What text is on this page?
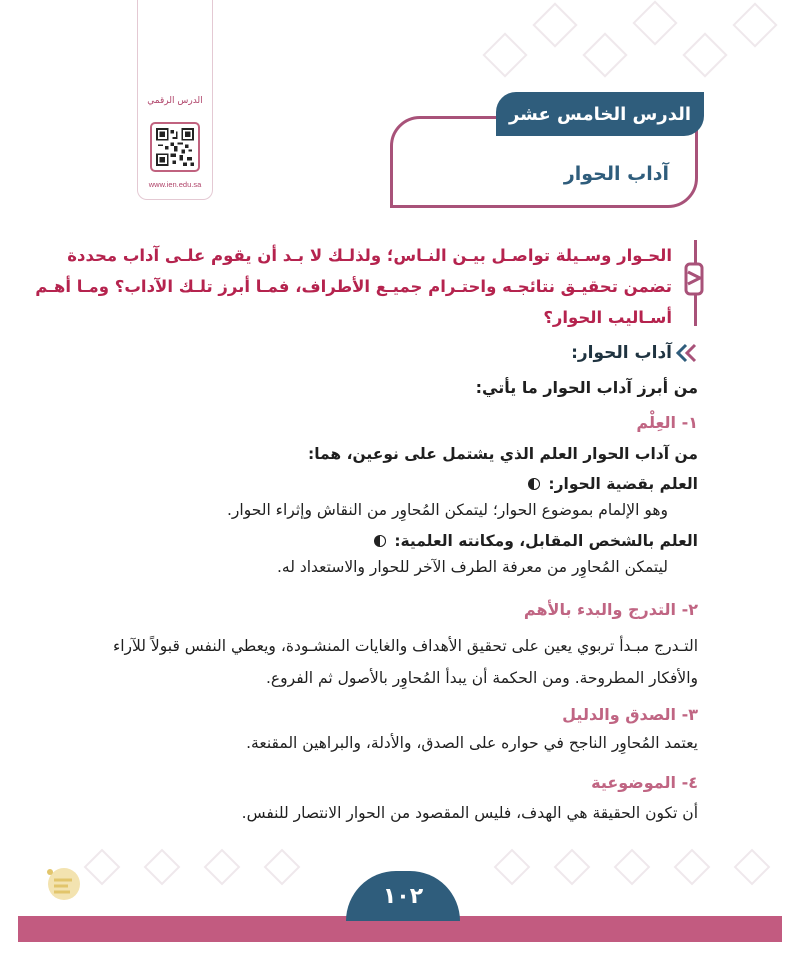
الدرس الرقمي
www.ien.edu.sa	آداب الحوار
الدرس الخامس عشر
الحـوار وسـيلة تواصـل بيـن النـاس؛ ولذلـك لا بـد أن يقوم علـى آداب محددة تضمن تحقيـق نتائجـه واحتـرام جميـع الأطراف، فمـا أبرز تلـك الآداب؟ ومـا أهـم أسـاليب الحوار؟
آداب الحوار:
من أبرز آداب الحوار ما يأتي:
١- العِلْم
من آداب الحوار العلم الذي يشتمل على نوعين، هما:
العلم بقضية الحوار:
وهو الإلمام بموضوع الحوار؛ ليتمكن المُحاوِر من النقاش وإثراء الحوار.
العلم بالشخص المقابل، ومكانته العلمية:
ليتمكن المُحاوِر من معرفة الطرف الآخر للحوار والاستعداد له.
٢- التدرج والبدء بالأهم
التـدرج مبـدأ تربوي يعين على تحقيق الأهداف والغايات المنشـودة، ويعطي النفس قبولاً للآراء والأفكار المطروحة. ومن الحكمة أن يبدأ المُحاوِر بالأصول ثم الفروع.
٣- الصدق والدليل
يعتمد المُحاوِر الناجح في حواره على الصدق، والأدلة، والبراهين المقنعة.
٤- الموضوعية
أن تكون الحقيقة هي الهدف، فليس المقصود من الحوار الانتصار للنفس.
١٠٢
